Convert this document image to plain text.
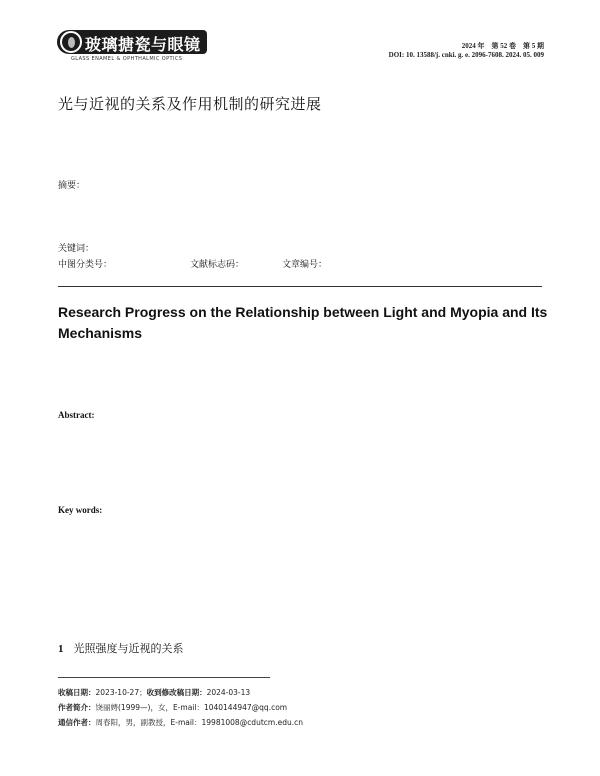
玻璃搪瓷与眼镜
GLASS ENAMEL & OPHTHALMIC OPTICS
2024 年　第 52 卷　第 5 期
DOI: 10. 13588/j. cnki. g. e. 2096-7608. 2024. 05. 009
光与近视的关系及作用机制的研究进展
摘要：
关键词：
中图分类号：	文献标志码：	文章编号：
Research Progress on the Relationship between Light and Myopia and Its Mechanisms
Abstract:
Key words:
1 光照强度与近视的关系
收稿日期：2023-10-27；收到修改稿日期：2024-03-13
作者简介：饶丽娉(1999—)，女，E-mail：1040144947@qq.com
通信作者：周春阳，男，副教授，E-mail：19981008@cdutcm.edu.cn
